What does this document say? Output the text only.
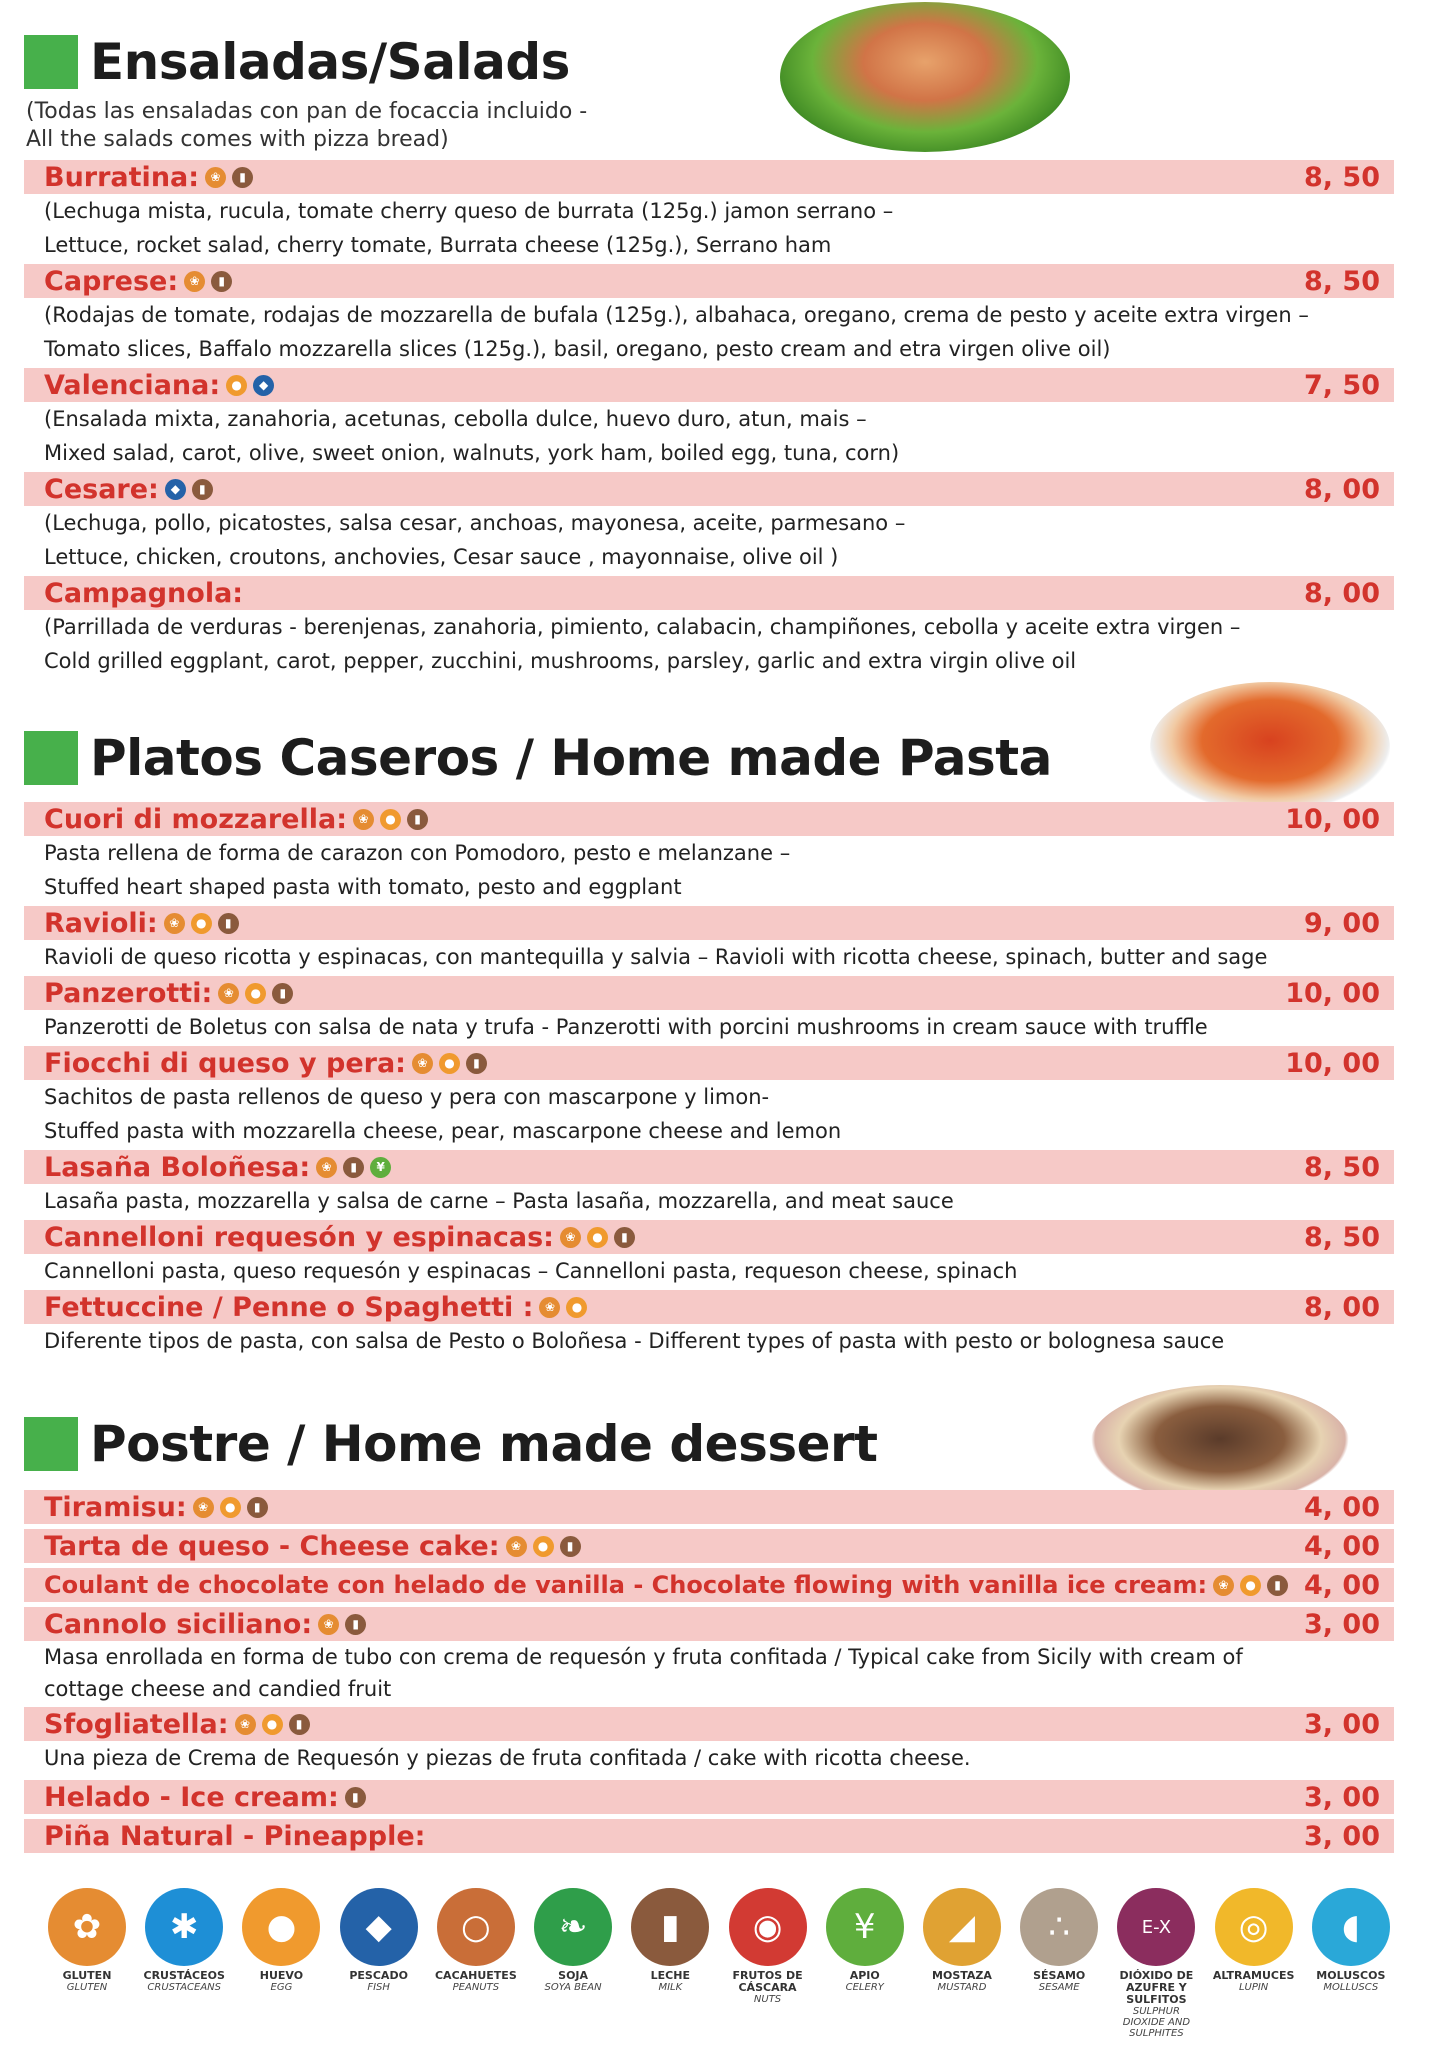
Ensaladas/Salads
(Todas las ensaladas con pan de focaccia incluido -
All the salads comes with pizza bread)
Burratina: ❀	▮	8, 50
(Lechuga mista, rucula, tomate cherry queso de burrata (125g.) jamon serrano –
Lettuce, rocket salad, cherry tomate, Burrata cheese (125g.), Serrano ham
Caprese: ❀	▮	8, 50
(Rodajas de tomate, rodajas de mozzarella de bufala (125g.), albahaca, oregano, crema de pesto y aceite extra virgen –
Tomato slices, Baffalo mozzarella slices (125g.), basil, oregano, pesto cream and etra virgen olive oil)
Valenciana: ●	◆	7, 50
(Ensalada mixta, zanahoria, acetunas, cebolla dulce, huevo duro, atun, mais –
Mixed salad, carot, olive, sweet onion, walnuts, york ham, boiled egg, tuna, corn)
Cesare: ◆	▮	8, 00
(Lechuga, pollo, picatostes, salsa cesar, anchoas, mayonesa, aceite, parmesano –
Lettuce, chicken, croutons, anchovies, Cesar sauce , mayonnaise, olive oil )
Campagnola:	8, 00
(Parrillada de verduras - berenjenas, zanahoria, pimiento, calabacin, champiñones, cebolla y aceite extra virgen –
Cold grilled eggplant, carot, pepper, zucchini, mushrooms, parsley, garlic and extra virgin olive oil
Platos Caseros / Home made Pasta
Cuori di mozzarella: ❀	●	▮	10, 00
Pasta rellena de forma de carazon con Pomodoro, pesto e melanzane –
Stuffed heart shaped pasta with tomato, pesto and eggplant
Ravioli: ❀	●	▮	9, 00
Ravioli de queso ricotta y espinacas, con mantequilla y salvia – Ravioli with ricotta cheese, spinach, butter and sage
Panzerotti: ❀	●	▮	10, 00
Panzerotti de Boletus con salsa de nata y trufa - Panzerotti with porcini mushrooms in cream sauce with truffle
Fiocchi di queso y pera: ❀	●	▮	10, 00
Sachitos de pasta rellenos de queso y pera con mascarpone y limon-
Stuffed pasta with mozzarella cheese, pear, mascarpone cheese and lemon
Lasaña Boloñesa: ❀	▮	¥	8, 50
Lasaña pasta, mozzarella y salsa de carne – Pasta lasaña, mozzarella, and meat sauce
Cannelloni requesón y espinacas: ❀	●	▮	8, 50
Cannelloni pasta, queso requesón y espinacas – Cannelloni pasta, requeson cheese, spinach
Fettuccine / Penne o Spaghetti : ❀	●	8, 00
Diferente tipos de pasta, con salsa de Pesto o Boloñesa - Different types of pasta with pesto or bolognesa sauce
Postre / Home made dessert
Tiramisu: ❀	●	▮	4, 00
Tarta de queso - Cheese cake: ❀	●	▮	4, 00
Coulant de chocolate con helado de vanilla - Chocolate flowing with vanilla ice cream: ❀	●	▮ 4, 00
Cannolo siciliano: ❀	▮	3, 00
Masa enrollada en forma de tubo con crema de requesón y fruta confitada / Typical cake from Sicily with cream of
cottage cheese and candied fruit
Sfogliatella: ❀	●	▮	3, 00
Una pieza de Crema de Requesón y piezas de fruta confitada / cake with ricotta cheese.
Helado - Ice cream:	▮	3, 00
Piña Natural - Pineapple:	3, 00
✿
GLUTEN
GLUTEN
✱
CRUSTÁCEOS
CRUSTACEANS
●
HUEVO
EGG
◆
PESCADO
FISH
○
CACAHUETES
PEANUTS
❧
SOJA
SOYA BEAN
▮
LECHE
MILK
◉
FRUTOS DE CÁSCARA
NUTS
¥
APIO
CELERY
◢
MOSTAZA
MUSTARD
∴
SÉSAMO
SESAME
E-X
DIÓXIDO DE AZUFRE Y SULFITOS
SULPHUR DIOXIDE AND SULPHITES
◎
ALTRAMUCES
LUPIN
◖
MOLUSCOS
MOLLUSCS
